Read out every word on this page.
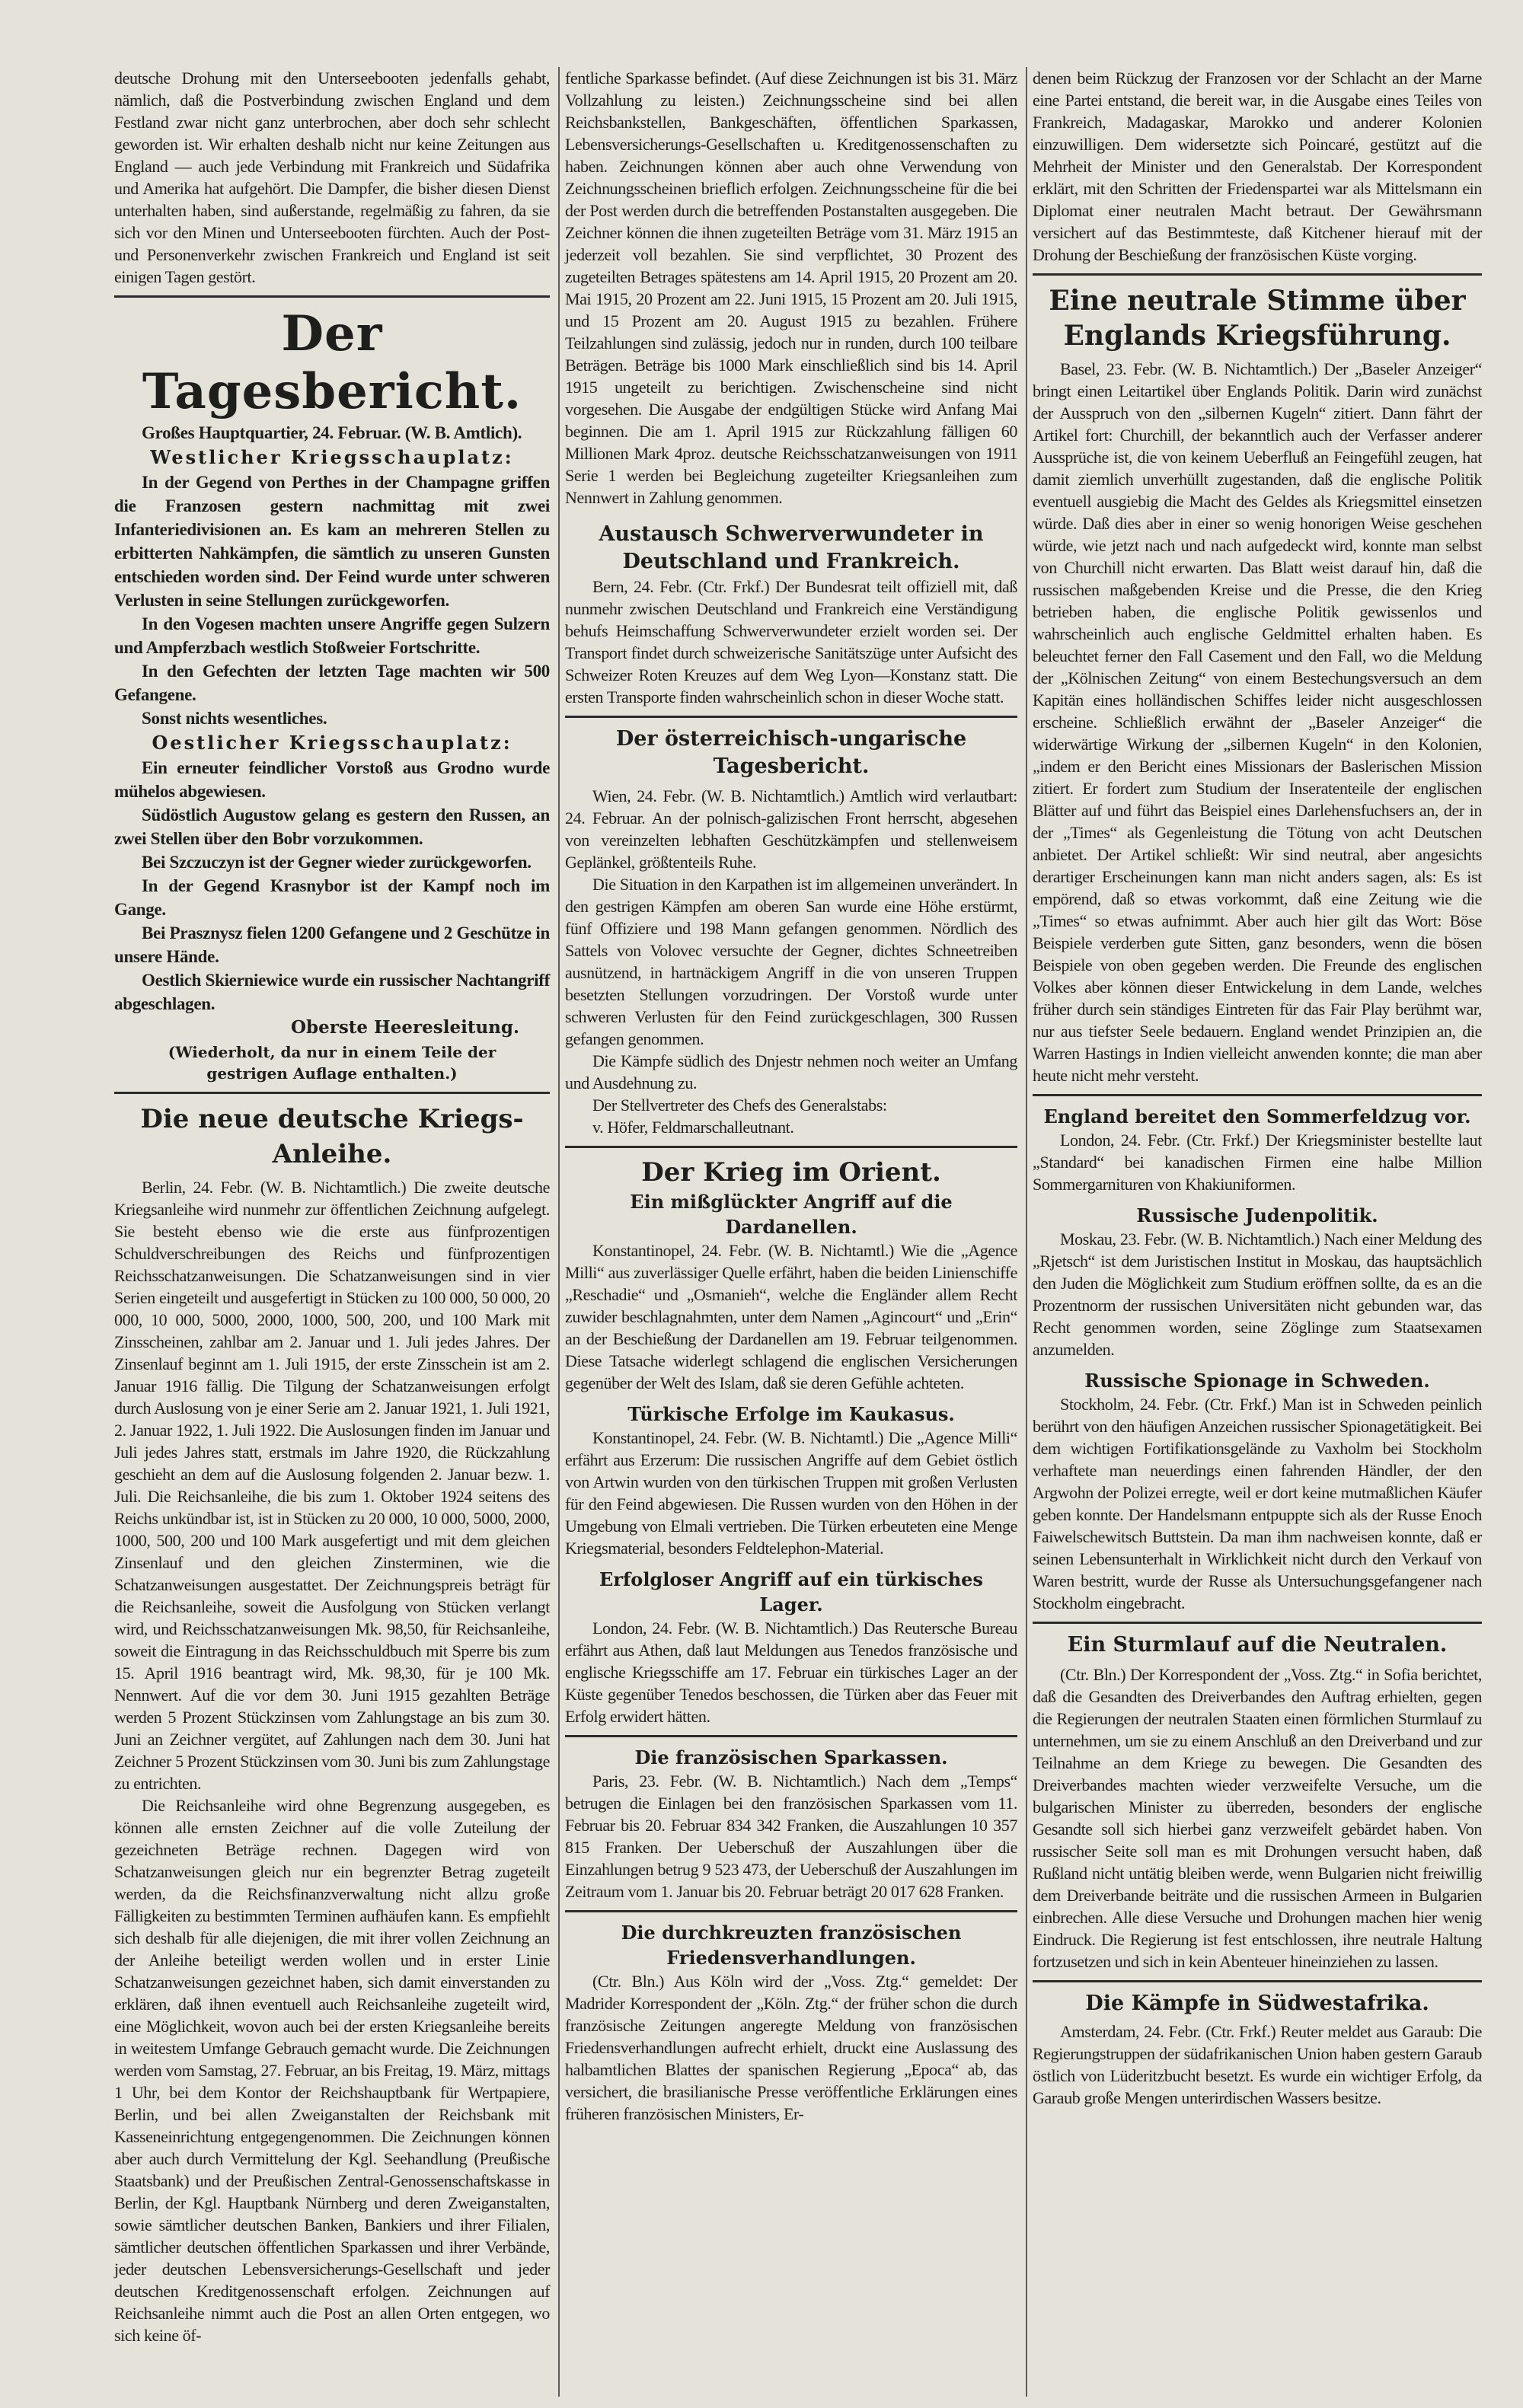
deutsche Drohung mit den Unterseebooten jedenfalls gehabt, nämlich, daß die Postverbindung zwischen England und dem Festland zwar nicht ganz unterbrochen, aber doch sehr schlecht geworden ist. Wir erhalten deshalb nicht nur keine Zeitungen aus England — auch jede Verbindung mit Frankreich und Südafrika und Amerika hat aufgehört. Die Dampfer, die bisher diesen Dienst unterhalten haben, sind außerstande, regelmäßig zu fahren, da sie sich vor den Minen und Unterseebooten fürchten. Auch der Post- und Personenverkehr zwischen Frankreich und England ist seit einigen Tagen gestört.

Der Tagesbericht.

Großes Hauptquartier, 24. Februar. (W. B. Amtlich).

Westlicher Kriegsschauplatz:

In der Gegend von Perthes in der Champagne griffen die Franzosen gestern nachmittag mit zwei Infanteriedivisionen an. Es kam an mehreren Stellen zu erbitterten Nahkämpfen, die sämtlich zu unseren Gunsten entschieden worden sind. Der Feind wurde unter schweren Verlusten in seine Stellungen zurückgeworfen.

In den Vogesen machten unsere Angriffe gegen Sulzern und Ampferzbach westlich Stoßweier Fortschritte.

In den Gefechten der letzten Tage machten wir 500 Gefangene.

Sonst nichts wesentliches.

Oestlicher Kriegsschauplatz:

Ein erneuter feindlicher Vorstoß aus Grodno wurde mühelos abgewiesen.

Südöstlich Augustow gelang es gestern den Russen, an zwei Stellen über den Bobr vorzukommen.

Bei Szczuczyn ist der Gegner wieder zurückgeworfen.

In der Gegend Krasnybor ist der Kampf noch im Gange.

Bei Prasznysz fielen 1200 Gefangene und 2 Geschütze in unsere Hände.

Oestlich Skierniewice wurde ein russischer Nachtangriff abgeschlagen.

Oberste Heeresleitung.

(Wiederholt, da nur in einem Teile der gestrigen Auflage enthalten.)

Die neue deutsche Kriegs-Anleihe.

Berlin, 24. Febr. (W. B. Nichtamtlich.) Die zweite deutsche Kriegsanleihe wird nunmehr zur öffentlichen Zeichnung aufgelegt. Sie besteht ebenso wie die erste aus fünfprozentigen Schuldverschreibungen des Reichs und fünfprozentigen Reichsschatzanweisungen. Die Schatzanweisungen sind in vier Serien eingeteilt und ausgefertigt in Stücken zu 100 000, 50 000, 20 000, 10 000, 5000, 2000, 1000, 500, 200, und 100 Mark mit Zinsscheinen, zahlbar am 2. Januar und 1. Juli jedes Jahres. Der Zinsenlauf beginnt am 1. Juli 1915, der erste Zinsschein ist am 2. Januar 1916 fällig. Die Tilgung der Schatzanweisungen erfolgt durch Auslosung von je einer Serie am 2. Januar 1921, 1. Juli 1921, 2. Januar 1922, 1. Juli 1922. Die Auslosungen finden im Januar und Juli jedes Jahres statt, erstmals im Jahre 1920, die Rückzahlung geschieht an dem auf die Auslosung folgenden 2. Januar bezw. 1. Juli. Die Reichsanleihe, die bis zum 1. Oktober 1924 seitens des Reichs unkündbar ist, ist in Stücken zu 20 000, 10 000, 5000, 2000, 1000, 500, 200 und 100 Mark ausgefertigt und mit dem gleichen Zinsenlauf und den gleichen Zinsterminen, wie die Schatzanweisungen ausgestattet. Der Zeichnungspreis beträgt für die Reichsanleihe, soweit die Ausfolgung von Stücken verlangt wird, und Reichsschatzanweisungen Mk. 98,50, für Reichsanleihe, soweit die Eintragung in das Reichsschuldbuch mit Sperre bis zum 15. April 1916 beantragt wird, Mk. 98,30, für je 100 Mk. Nennwert. Auf die vor dem 30. Juni 1915 gezahlten Beträge werden 5 Prozent Stückzinsen vom Zahlungstage an bis zum 30. Juni an Zeichner vergütet, auf Zahlungen nach dem 30. Juni hat Zeichner 5 Prozent Stückzinsen vom 30. Juni bis zum Zahlungstage zu entrichten.

Die Reichsanleihe wird ohne Begrenzung ausgegeben, es können alle ernsten Zeichner auf die volle Zuteilung der gezeichneten Beträge rechnen. Dagegen wird von Schatzanweisungen gleich nur ein begrenzter Betrag zugeteilt werden, da die Reichsfinanzverwaltung nicht allzu große Fälligkeiten zu bestimmten Terminen aufhäufen kann. Es empfiehlt sich deshalb für alle diejenigen, die mit ihrer vollen Zeichnung an der Anleihe beteiligt werden wollen und in erster Linie Schatzanweisungen gezeichnet haben, sich damit einverstanden zu erklären, daß ihnen eventuell auch Reichsanleihe zugeteilt wird, eine Möglichkeit, wovon auch bei der ersten Kriegsanleihe bereits in weitestem Umfange Gebrauch gemacht wurde. Die Zeichnungen werden vom Samstag, 27. Februar, an bis Freitag, 19. März, mittags 1 Uhr, bei dem Kontor der Reichshauptbank für Wertpapiere, Berlin, und bei allen Zweiganstalten der Reichsbank mit Kasseneinrichtung entgegengenommen. Die Zeichnungen können aber auch durch Vermittelung der Kgl. Seehandlung (Preußische Staatsbank) und der Preußischen Zentral-Genossenschaftskasse in Berlin, der Kgl. Hauptbank Nürnberg und deren Zweiganstalten, sowie sämtlicher deutschen Banken, Bankiers und ihrer Filialen, sämtlicher deutschen öffentlichen Sparkassen und ihrer Verbände, jeder deutschen Lebensversicherungs-Gesellschaft und jeder deutschen Kreditgenossenschaft erfolgen. Zeichnungen auf Reichsanleihe nimmt auch die Post an allen Orten entgegen, wo sich keine öf-

fentliche Sparkasse befindet. (Auf diese Zeichnungen ist bis 31. März Vollzahlung zu leisten.) Zeichnungsscheine sind bei allen Reichsbankstellen, Bankgeschäften, öffentlichen Sparkassen, Lebensversicherungs-Gesellschaften u. Kreditgenossenschaften zu haben. Zeichnungen können aber auch ohne Verwendung von Zeichnungsscheinen brieflich erfolgen. Zeichnungsscheine für die bei der Post werden durch die betreffenden Postanstalten ausgegeben. Die Zeichner können die ihnen zugeteilten Beträge vom 31. März 1915 an jederzeit voll bezahlen. Sie sind verpflichtet, 30 Prozent des zugeteilten Betrages spätestens am 14. April 1915, 20 Prozent am 20. Mai 1915, 20 Prozent am 22. Juni 1915, 15 Prozent am 20. Juli 1915, und 15 Prozent am 20. August 1915 zu bezahlen. Frühere Teilzahlungen sind zulässig, jedoch nur in runden, durch 100 teilbare Beträgen. Beträge bis 1000 Mark einschließlich sind bis 14. April 1915 ungeteilt zu berichtigen. Zwischenscheine sind nicht vorgesehen. Die Ausgabe der endgültigen Stücke wird Anfang Mai beginnen. Die am 1. April 1915 zur Rückzahlung fälligen 60 Millionen Mark 4proz. deutsche Reichsschatzanweisungen von 1911 Serie 1 werden bei Begleichung zugeteilter Kriegsanleihen zum Nennwert in Zahlung genommen.

Austausch Schwerverwundeter in Deutschland und Frankreich.

Bern, 24. Febr. (Ctr. Frkf.) Der Bundesrat teilt offiziell mit, daß nunmehr zwischen Deutschland und Frankreich eine Verständigung behufs Heimschaffung Schwerverwundeter erzielt worden sei. Der Transport findet durch schweizerische Sanitätszüge unter Aufsicht des Schweizer Roten Kreuzes auf dem Weg Lyon—Konstanz statt. Die ersten Transporte finden wahrscheinlich schon in dieser Woche statt.

Der österreichisch-ungarische Tagesbericht.

Wien, 24. Febr. (W. B. Nichtamtlich.) Amtlich wird verlautbart: 24. Februar. An der polnisch-galizischen Front herrscht, abgesehen von vereinzelten lebhaften Geschützkämpfen und stellenweisem Geplänkel, größtenteils Ruhe.

Die Situation in den Karpathen ist im allgemeinen unverändert. In den gestrigen Kämpfen am oberen San wurde eine Höhe erstürmt, fünf Offiziere und 198 Mann gefangen genommen. Nördlich des Sattels von Volovec versuchte der Gegner, dichtes Schneetreiben ausnützend, in hartnäckigem Angriff in die von unseren Truppen besetzten Stellungen vorzudringen. Der Vorstoß wurde unter schweren Verlusten für den Feind zurückgeschlagen, 300 Russen gefangen genommen.

Die Kämpfe südlich des Dnjestr nehmen noch weiter an Umfang und Ausdehnung zu.

Der Stellvertreter des Chefs des Generalstabs:

v. Höfer, Feldmarschalleutnant.

Der Krieg im Orient.
Ein mißglückter Angriff auf die Dardanellen.

Konstantinopel, 24. Febr. (W. B. Nichtamtl.) Wie die „Agence Milli“ aus zuverlässiger Quelle erfährt, haben die beiden Linienschiffe „Reschadie“ und „Osmanieh“, welche die Engländer allem Recht zuwider beschlagnahmten, unter dem Namen „Agincourt“ und „Erin“ an der Beschießung der Dardanellen am 19. Februar teilgenommen. Diese Tatsache widerlegt schlagend die englischen Versicherungen gegenüber der Welt des Islam, daß sie deren Gefühle achteten.

Türkische Erfolge im Kaukasus.

Konstantinopel, 24. Febr. (W. B. Nichtamtl.) Die „Agence Milli“ erfährt aus Erzerum: Die russischen Angriffe auf dem Gebiet östlich von Artwin wurden von den türkischen Truppen mit großen Verlusten für den Feind abgewiesen. Die Russen wurden von den Höhen in der Umgebung von Elmali vertrieben. Die Türken erbeuteten eine Menge Kriegsmaterial, besonders Feldtelephon-Material.

Erfolgloser Angriff auf ein türkisches Lager.

London, 24. Febr. (W. B. Nichtamtlich.) Das Reutersche Bureau erfährt aus Athen, daß laut Meldungen aus Tenedos französische und englische Kriegsschiffe am 17. Februar ein türkisches Lager an der Küste gegenüber Tenedos beschossen, die Türken aber das Feuer mit Erfolg erwidert hätten.

Die französischen Sparkassen.

Paris, 23. Febr. (W. B. Nichtamtlich.) Nach dem „Temps“ betrugen die Einlagen bei den französischen Sparkassen vom 11. Februar bis 20. Februar 834 342 Franken, die Auszahlungen 10 357 815 Franken. Der Ueberschuß der Auszahlungen über die Einzahlungen betrug 9 523 473, der Ueberschuß der Auszahlungen im Zeitraum vom 1. Januar bis 20. Februar beträgt 20 017 628 Franken.

Die durchkreuzten französischen Friedensverhandlungen.

(Ctr. Bln.) Aus Köln wird der „Voss. Ztg.“ gemeldet: Der Madrider Korrespondent der „Köln. Ztg.“ der früher schon die durch französische Zeitungen angeregte Meldung von französischen Friedensverhandlungen aufrecht erhielt, druckt eine Auslassung des halbamtlichen Blattes der spanischen Regierung „Epoca“ ab, das versichert, die brasilianische Presse veröffentliche Erklärungen eines früheren französischen Ministers, Er-

denen beim Rückzug der Franzosen vor der Schlacht an der Marne eine Partei entstand, die bereit war, in die Ausgabe eines Teiles von Frankreich, Madagaskar, Marokko und anderer Kolonien einzuwilligen. Dem widersetzte sich Poincaré, gestützt auf die Mehrheit der Minister und den Generalstab. Der Korrespondent erklärt, mit den Schritten der Friedenspartei war als Mittelsmann ein Diplomat einer neutralen Macht betraut. Der Gewährsmann versichert auf das Bestimmteste, daß Kitchener hierauf mit der Drohung der Beschießung der französischen Küste vorging.

Eine neutrale Stimme über Englands Kriegsführung.

Basel, 23. Febr. (W. B. Nichtamtlich.) Der „Baseler Anzeiger“ bringt einen Leitartikel über Englands Politik. Darin wird zunächst der Ausspruch von den „silbernen Kugeln“ zitiert. Dann fährt der Artikel fort: Churchill, der bekanntlich auch der Verfasser anderer Aussprüche ist, die von keinem Ueberfluß an Feingefühl zeugen, hat damit ziemlich unverhüllt zugestanden, daß die englische Politik eventuell ausgiebig die Macht des Geldes als Kriegsmittel einsetzen würde. Daß dies aber in einer so wenig honorigen Weise geschehen würde, wie jetzt nach und nach aufgedeckt wird, konnte man selbst von Churchill nicht erwarten. Das Blatt weist darauf hin, daß die russischen maßgebenden Kreise und die Presse, die den Krieg betrieben haben, die englische Politik gewissenlos und wahrscheinlich auch englische Geldmittel erhalten haben. Es beleuchtet ferner den Fall Casement und den Fall, wo die Meldung der „Kölnischen Zeitung“ von einem Bestechungsversuch an dem Kapitän eines holländischen Schiffes leider nicht ausgeschlossen erscheine. Schließlich erwähnt der „Baseler Anzeiger“ die widerwärtige Wirkung der „silbernen Kugeln“ in den Kolonien, „indem er den Bericht eines Missionars der Baslerischen Mission zitiert. Er fordert zum Studium der Inseratenteile der englischen Blätter auf und führt das Beispiel eines Darlehensfuchsers an, der in der „Times“ als Gegenleistung die Tötung von acht Deutschen anbietet. Der Artikel schließt: Wir sind neutral, aber angesichts derartiger Erscheinungen kann man nicht anders sagen, als: Es ist empörend, daß so etwas vorkommt, daß eine Zeitung wie die „Times“ so etwas aufnimmt. Aber auch hier gilt das Wort: Böse Beispiele verderben gute Sitten, ganz besonders, wenn die bösen Beispiele von oben gegeben werden. Die Freunde des englischen Volkes aber können dieser Entwickelung in dem Lande, welches früher durch sein ständiges Eintreten für das Fair Play berühmt war, nur aus tiefster Seele bedauern. England wendet Prinzipien an, die Warren Hastings in Indien vielleicht anwenden konnte; die man aber heute nicht mehr versteht.

England bereitet den Sommerfeldzug vor.

London, 24. Febr. (Ctr. Frkf.) Der Kriegsminister bestellte laut „Standard“ bei kanadischen Firmen eine halbe Million Sommergarnituren von Khakiuniformen.

Russische Judenpolitik.

Moskau, 23. Febr. (W. B. Nichtamtlich.) Nach einer Meldung des „Rjetsch“ ist dem Juristischen Institut in Moskau, das hauptsächlich den Juden die Möglichkeit zum Studium eröffnen sollte, da es an die Prozentnorm der russischen Universitäten nicht gebunden war, das Recht genommen worden, seine Zöglinge zum Staatsexamen anzumelden.

Russische Spionage in Schweden.

Stockholm, 24. Febr. (Ctr. Frkf.) Man ist in Schweden peinlich berührt von den häufigen Anzeichen russischer Spionagetätigkeit. Bei dem wichtigen Fortifikationsgelände zu Vaxholm bei Stockholm verhaftete man neuerdings einen fahrenden Händler, der den Argwohn der Polizei erregte, weil er dort keine mutmaßlichen Käufer geben konnte. Der Handelsmann entpuppte sich als der Russe Enoch Faiwelschewitsch Buttstein. Da man ihm nachweisen konnte, daß er seinen Lebensunterhalt in Wirklichkeit nicht durch den Verkauf von Waren bestritt, wurde der Russe als Untersuchungsgefangener nach Stockholm eingebracht.

Ein Sturmlauf auf die Neutralen.

(Ctr. Bln.) Der Korrespondent der „Voss. Ztg.“ in Sofia berichtet, daß die Gesandten des Dreiverbandes den Auftrag erhielten, gegen die Regierungen der neutralen Staaten einen förmlichen Sturmlauf zu unternehmen, um sie zu einem Anschluß an den Dreiverband und zur Teilnahme an dem Kriege zu bewegen. Die Gesandten des Dreiverbandes machten wieder verzweifelte Versuche, um die bulgarischen Minister zu überreden, besonders der englische Gesandte soll sich hierbei ganz verzweifelt gebärdet haben. Von russischer Seite soll man es mit Drohungen versucht haben, daß Rußland nicht untätig bleiben werde, wenn Bulgarien nicht freiwillig dem Dreiverbande beiträte und die russischen Armeen in Bulgarien einbrechen. Alle diese Versuche und Drohungen machen hier wenig Eindruck. Die Regierung ist fest entschlossen, ihre neutrale Haltung fortzusetzen und sich in kein Abenteuer hineinziehen zu lassen.

Die Kämpfe in Südwestafrika.

Amsterdam, 24. Febr. (Ctr. Frkf.) Reuter meldet aus Garaub: Die Regierungstruppen der südafrikanischen Union haben gestern Garaub östlich von Lüderitzbucht besetzt. Es wurde ein wichtiger Erfolg, da Garaub große Mengen unterirdischen Wassers besitze.
